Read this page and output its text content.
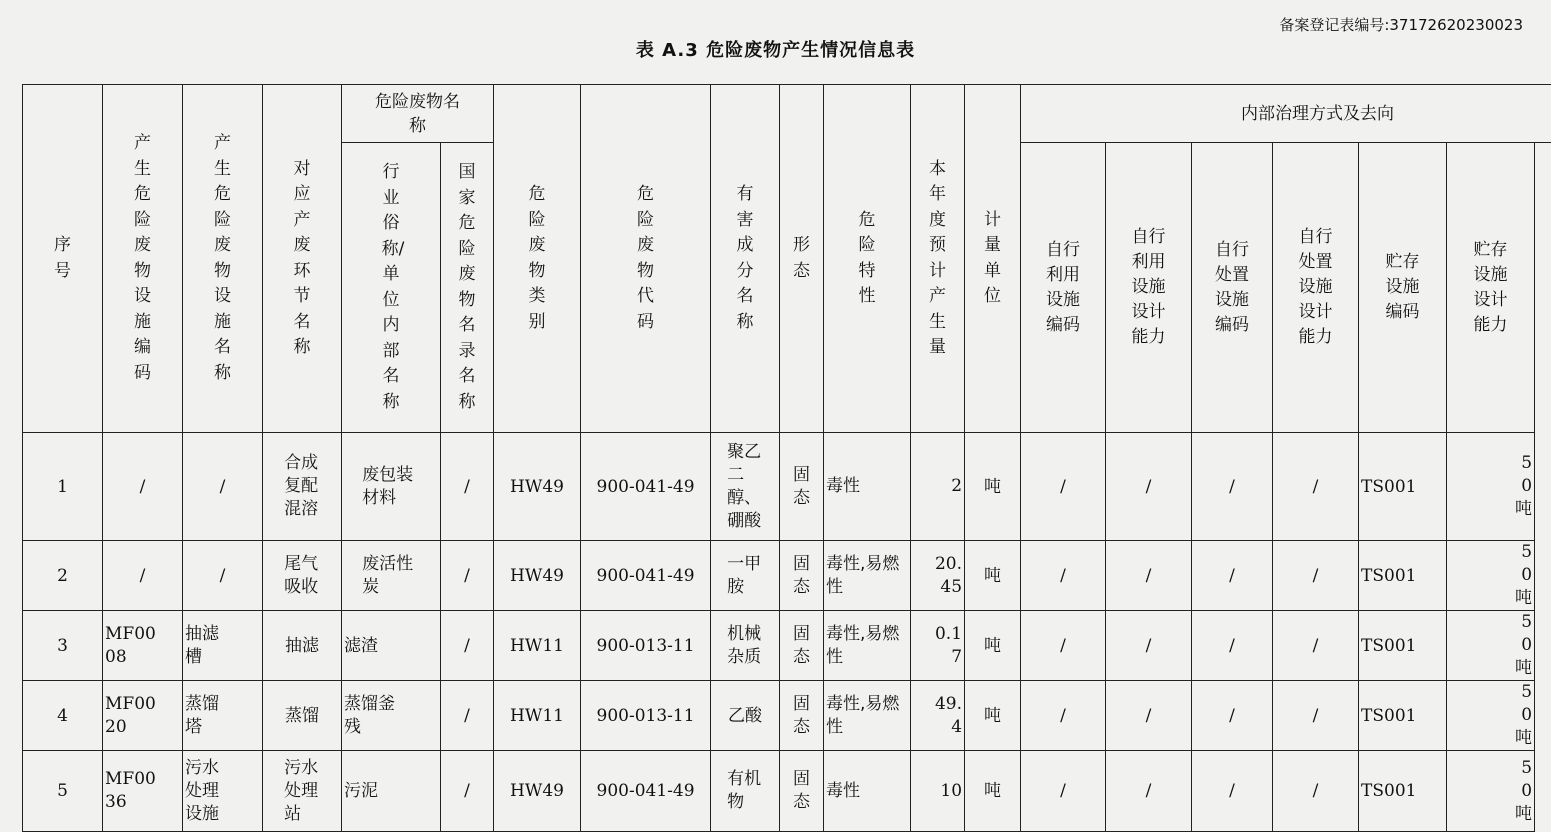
备案登记表编号:37172620230023
表 A.3 危险废物产生情况信息表
序号	产生危险废物设施编码	产生危险废物设施名称	对应产废环节名称	危险废物名称		危险废物类别	危险废物代码	有害成分名称	形态	危险特性	本年度预计产生量	计量单位	内部治理方式及去向					
				行业俗称/单位内部名称	国家危险废物名录名称								自行利用设施编码	自行利用设施设计能力	自行处置设施编码	自行处置设施设计能力	贮存设施编码	贮存设施设计能力
1	/	/	合成复配混溶	废包装材料	/	HW49	900-041-49	聚乙二醇、硼酸	固态	毒性	2	吨	/	/	/	/	TS001	50吨
2	/	/	尾气吸收	废活性炭	/	HW49	900-041-49	一甲胺	固态	毒性,易燃性	20.45	吨	/	/	/	/	TS001	50吨
3	MF0008	抽滤槽	抽滤	滤渣	/	HW11	900-013-11	机械杂质	固态	毒性,易燃性	0.17	吨	/	/	/	/	TS001	50吨
4	MF0020	蒸馏塔	蒸馏	蒸馏釜残	/	HW11	900-013-11	乙酸	固态	毒性,易燃性	49.4	吨	/	/	/	/	TS001	50吨
5	MF0036	污水处理设施	污水处理站	污泥	/	HW49	900-041-49	有机物	固态	毒性	10	吨	/	/	/	/	TS001	50吨
